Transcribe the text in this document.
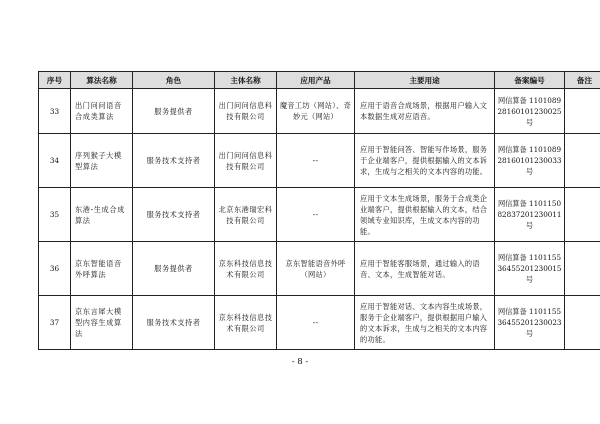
序号	算法名称	角色	主体名称	应用产品	主要用途	备案编号	备注
33	出门问问语音合成类算法	服务提供者	出门问问信息科技有限公司	魔音工坊（网站）、奇妙元（网站）	应用于语音合成场景，根据用户输入文本数据生成对应语音。	网信算备 110108928160101230025 号	
34	序列猴子大模型算法	服务技术支持者	出门问问信息科技有限公司	--	应用于智能问答、智能写作场景，服务于企业端客户，提供根据输入的文本诉求，生成与之相关的文本内容的功能。	网信算备 110108928160101230033 号	
35	东港-生成合成算法	服务技术支持者	北京东港瑞宏科技有限公司	--	应用于文本生成场景，服务于合成类企业端客户，提供根据输入的文本，结合领域专业知识库，生成文本内容的功能。	网信算备 110115082837201230011 号	
36	京东智能语音外呼算法	服务提供者	京东科技信息技术有限公司	京东智能语音外呼（网站）	应用于智能客服场景，通过输入的语音、文本，生成智能对话。	网信算备 110115536455201230015 号	
37	京东言犀大模型内容生成算法	服务技术支持者	京东科技信息技术有限公司	--	应用于智能对话、文本内容生成场景，服务于企业端客户，提供根据用户输入的文本诉求，生成与之相关的文本内容的功能。	网信算备 110115536455201230023 号	
- 8 -
